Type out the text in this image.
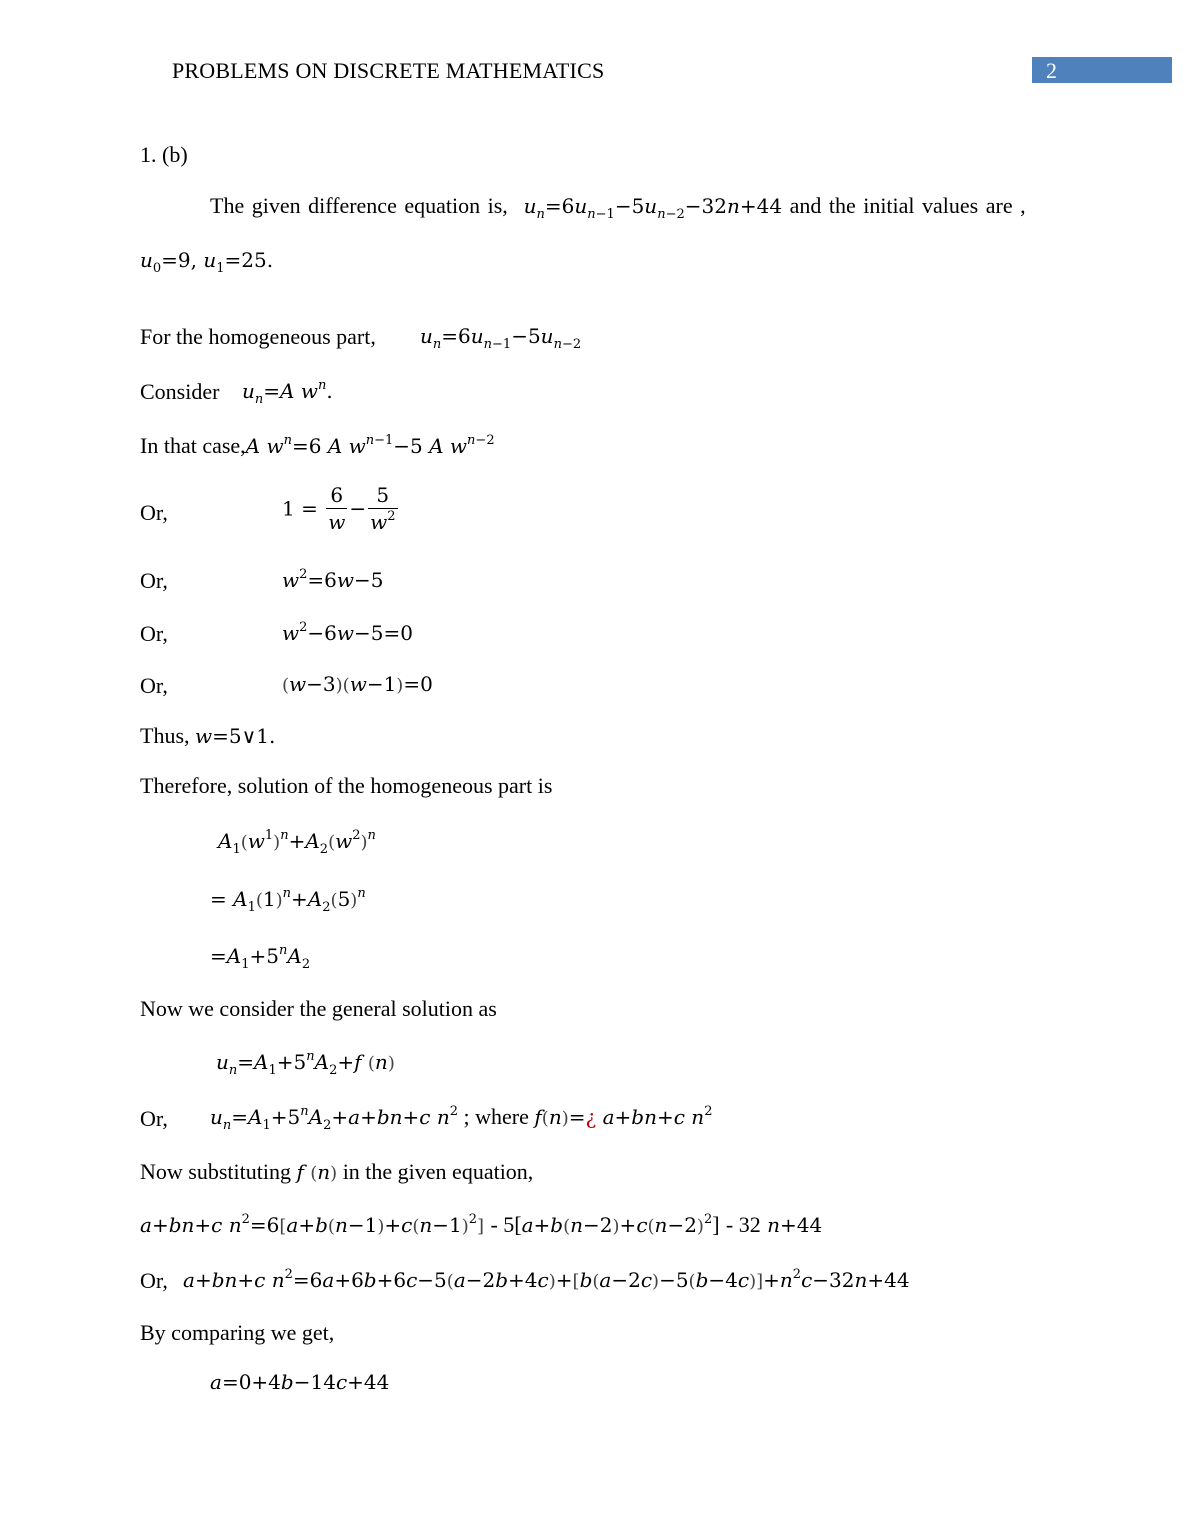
PROBLEMS ON DISCRETE MATHEMATICS	2
1. (b)
The given difference equation is, $u_n=6u_{n-1}-5u_{n-2}-32n+44$ and the initial values are ,
$u_0=9$, $u_1=25$.
For the homogeneous part, $u_n=6u_{n-1}-5u_{n-2}$
Consider $u_n=A$ $w^n$.
In that case,A $w^n=6$ A $w^{n-1}-5$ A $w^{n-2}$
Or,	$1 = \frac{6}{w} - \frac{5}{w^2}$
Or,	$w^2=6w-5$
Or,	$w^2-6w-5=0$
Or,	(w−3)(w−1)=0
Thus, w=5∨1.
Therefore, solution of the homogeneous part is
$A_1(w^1)^n+A_2(w^2)^n$
= $A_1(1)^n+A_2(5)^n$
$=A_1+5^nA_2$
Now we consider the general solution as
$u_n=A_1+5^nA_2+f$ (n)
Or, $u_n=A_1+5^nA_2+a+bn+c$ $n^2$ ; where f(n)=¿ a+bn+c $n^2$
Now substituting f (n) in the given equation,
a+bn+c $n^2=6[a+b(n-1)+c(n-1)^2] - 5[a+b(n-2)+c(n-2)^2] - 32$ n+44
Or, a+bn+c $n^2=6a+6b+6c-5(a-2b+4c)+[b(a-2c)-5(b-4c)]+n^2c-32n+44$
By comparing we get,
a=0+4b−14c+44
